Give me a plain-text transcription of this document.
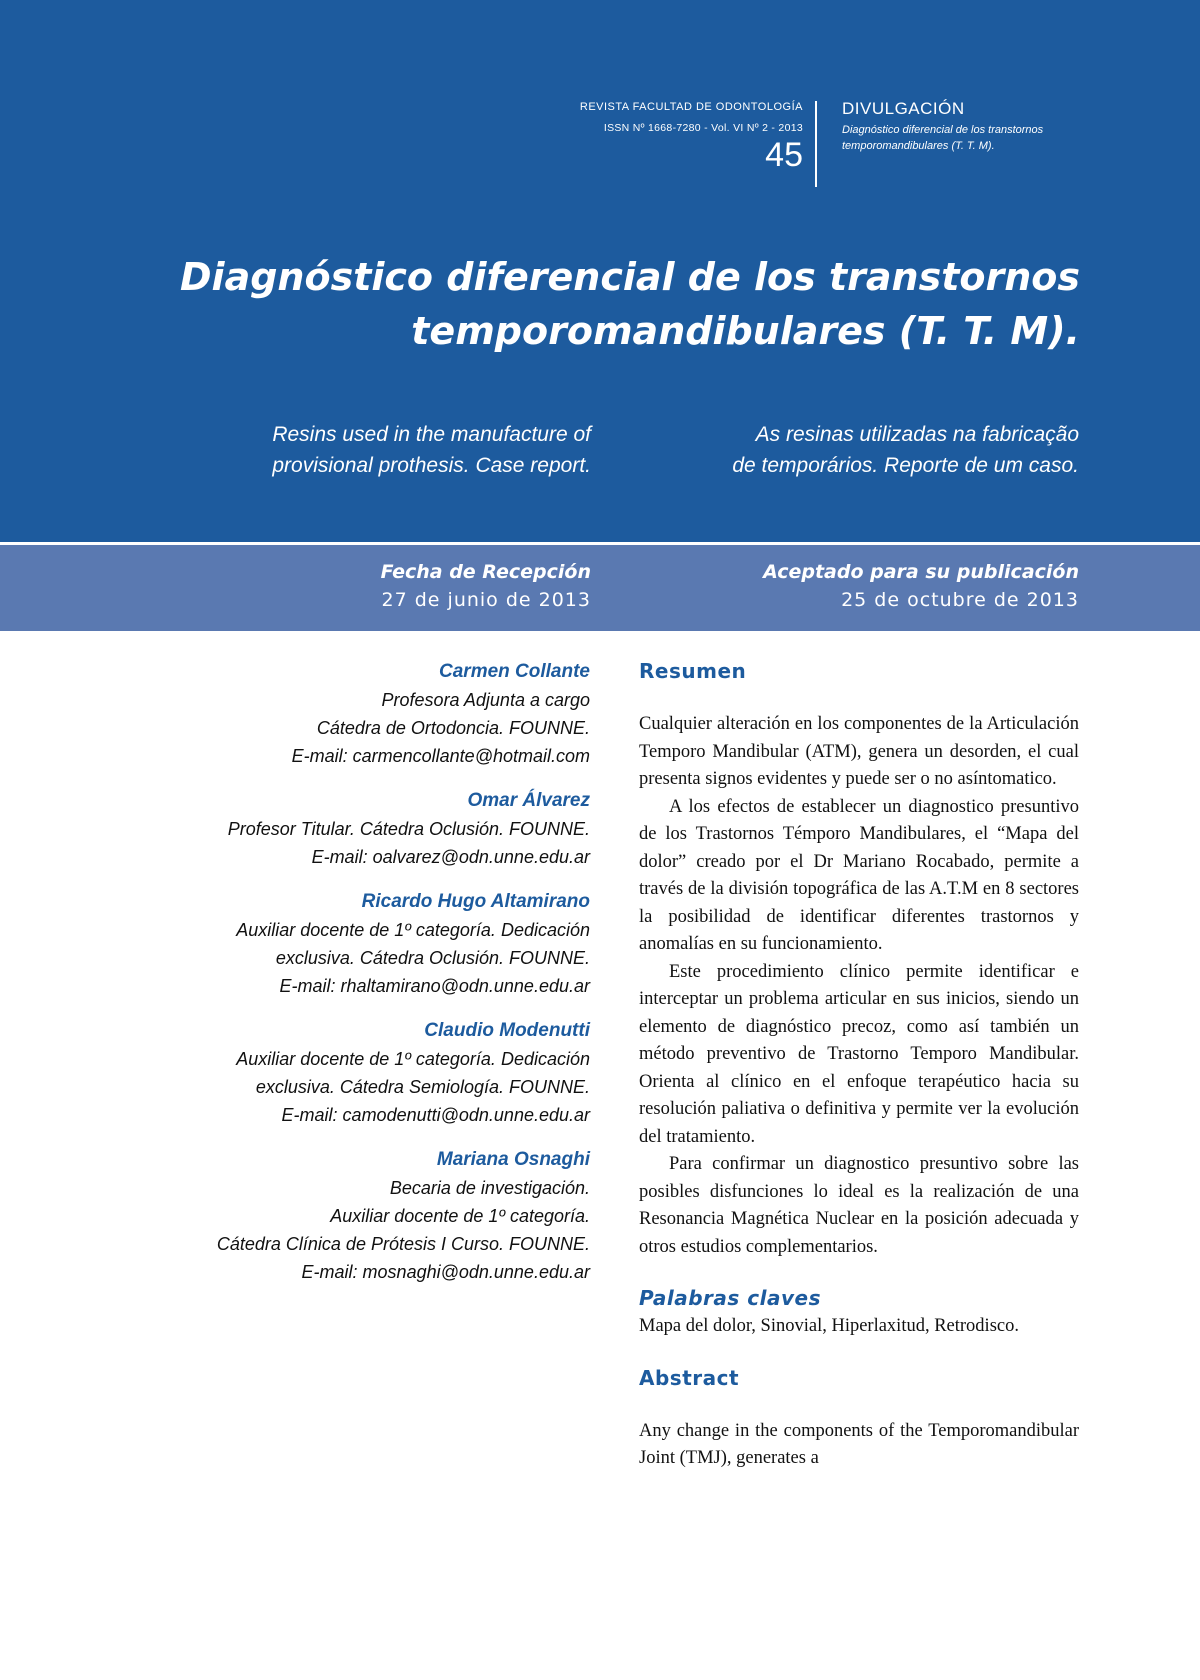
REVISTA FACULTAD DE ODONTOLOGÍA
ISSN Nº 1668-7280 - Vol. VI Nº 2 - 2013
45
DIVULGACIÓN
Diagnóstico diferencial de los transtornos temporomandibulares (T. T. M).
Diagnóstico diferencial de los transtornos
temporomandibulares (T. T. M).
Resins used in the manufacture of
provisional prothesis. Case report.
As resinas utilizadas na fabricação
de temporários. Reporte de um caso.
Fecha de Recepción
27 de junio de 2013
Aceptado para su publicación
25 de octubre de 2013
Carmen Collante
Profesora Adjunta a cargo
Cátedra de Ortodoncia. FOUNNE.
E-mail: carmencollante@hotmail.com
Omar Álvarez
Profesor Titular. Cátedra Oclusión. FOUNNE.
E-mail: oalvarez@odn.unne.edu.ar
Ricardo Hugo Altamirano
Auxiliar docente de 1º categoría. Dedicación
exclusiva. Cátedra Oclusión. FOUNNE.
E-mail: rhaltamirano@odn.unne.edu.ar
Claudio Modenutti
Auxiliar docente de 1º categoría. Dedicación
exclusiva. Cátedra Semiología. FOUNNE.
E-mail: camodenutti@odn.unne.edu.ar
Mariana Osnaghi
Becaria de investigación.
Auxiliar docente de 1º categoría.
Cátedra Clínica de Prótesis I Curso. FOUNNE.
E-mail: mosnaghi@odn.unne.edu.ar
Resumen

Cualquier alteración en los componentes de la Articulación Temporo Mandibular (ATM), genera un desorden, el cual presenta signos evidentes y puede ser o no asíntomatico.

A los efectos de establecer un diagnostico presuntivo de los Trastornos Témporo Mandibulares, el “Mapa del dolor” creado por el Dr Mariano Rocabado, permite a través de la división topográfica de las A.T.M en 8 sectores la posibilidad de identificar diferentes trastornos y anomalías en su funcionamiento.

Este procedimiento clínico permite identificar e interceptar un problema articular en sus inicios, siendo un elemento de diagnóstico precoz, como así también un método preventivo de Trastorno Temporo Mandibular. Orienta al clínico en el enfoque terapéutico hacia su resolución paliativa o definitiva y permite ver la evolución del tratamiento.

Para confirmar un diagnostico presuntivo sobre las posibles disfunciones lo ideal es la realización de una Resonancia Magnética Nuclear en la posición adecuada y otros estudios complementarios.

Palabras claves

Mapa del dolor, Sinovial, Hiperlaxitud, Retrodisco.

Abstract

Any change in the components of the Temporomandibular Joint (TMJ), generates a
